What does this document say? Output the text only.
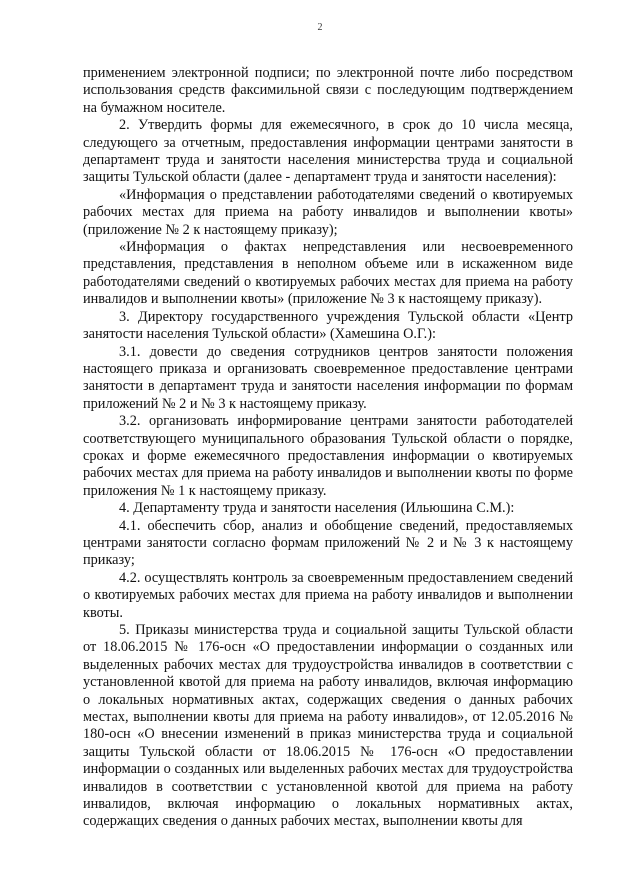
2

применением электронной подписи; по электронной почте либо посредством использования средств факсимильной связи с последующим подтверждением на бумажном носителе.

2. Утвердить формы для ежемесячного, в срок до 10 числа месяца, следующего за отчетным, предоставления информации центрами занятости в департамент труда и занятости населения министерства труда и социальной защиты Тульской области (далее - департамент труда и занятости населения):

«Информация о представлении работодателями сведений о квотируемых рабочих местах для приема на работу инвалидов и выполнении квоты» (приложение № 2 к настоящему приказу);

«Информация о фактах непредставления или несвоевременного представления, представления в неполном объеме или в искаженном виде работодателями сведений о квотируемых рабочих местах для приема на работу инвалидов и выполнении квоты» (приложение № 3 к настоящему приказу).

3. Директору государственного учреждения Тульской области «Центр занятости населения Тульской области» (Хамешина О.Г.):

3.1. довести до сведения сотрудников центров занятости положения настоящего приказа и организовать своевременное предоставление центрами занятости в департамент труда и занятости населения информации по формам приложений № 2 и № 3 к настоящему приказу.

3.2. организовать информирование центрами занятости работодателей соответствующего муниципального образования Тульской области о порядке, сроках и форме ежемесячного предоставления информации о квотируемых рабочих местах для приема на работу инвалидов и выполнении квоты по форме приложения № 1 к настоящему приказу.

4. Департаменту труда и занятости населения (Ильюшина С.М.):

4.1. обеспечить сбор, анализ и обобщение сведений, предоставляемых центрами занятости согласно формам приложений № 2 и № 3 к настоящему приказу;

4.2. осуществлять контроль за своевременным предоставлением сведений о квотируемых рабочих местах для приема на работу инвалидов и выполнении квоты.

5. Приказы министерства труда и социальной защиты Тульской области от 18.06.2015 № 176-осн «О предоставлении информации о созданных или выделенных рабочих местах для трудоустройства инвалидов в соответствии с установленной квотой для приема на работу инвалидов, включая информацию о локальных нормативных актах, содержащих сведения о данных рабочих местах, выполнении квоты для приема на работу инвалидов», от 12.05.2016 № 180-осн «О внесении изменений в приказ министерства труда и социальной защиты Тульской области от 18.06.2015 № 176-осн «О предоставлении информации о созданных или выделенных рабочих местах для трудоустройства инвалидов в соответствии с установленной квотой для приема на работу инвалидов, включая информацию о локальных нормативных актах, содержащих сведения о данных рабочих местах, выполнении квоты для
